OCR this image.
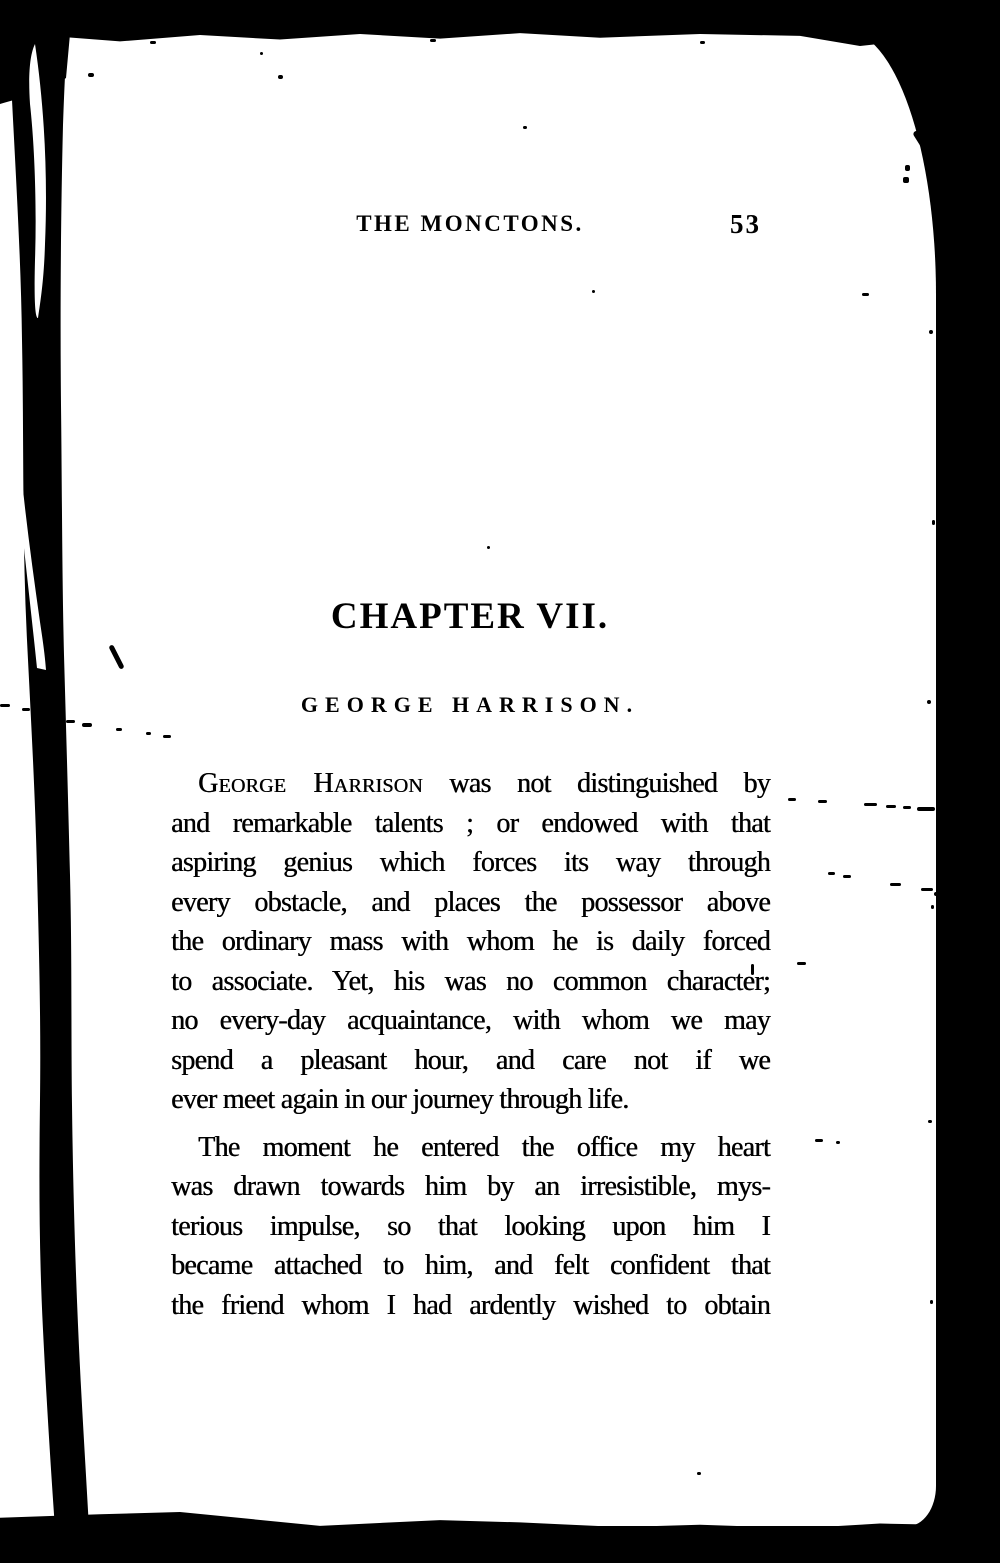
THE MONCTONS.	53
CHAPTER VII.
GEORGE HARRISON.
George Harrison was not distinguished by
and remarkable talents ; or endowed with that
aspiring genius which forces its way through
every obstacle, and places the possessor above
the ordinary mass with whom he is daily forced
to associate. Yet, his was no common character;
no every-day acquaintance, with whom we may
spend a pleasant hour, and care not if we
ever meet again in our journey through life.
The moment he entered the office my heart
was drawn towards him by an irresistible, mys-
terious impulse, so that looking upon him I
became attached to him, and felt confident that
the friend whom I had ardently wished to obtain
